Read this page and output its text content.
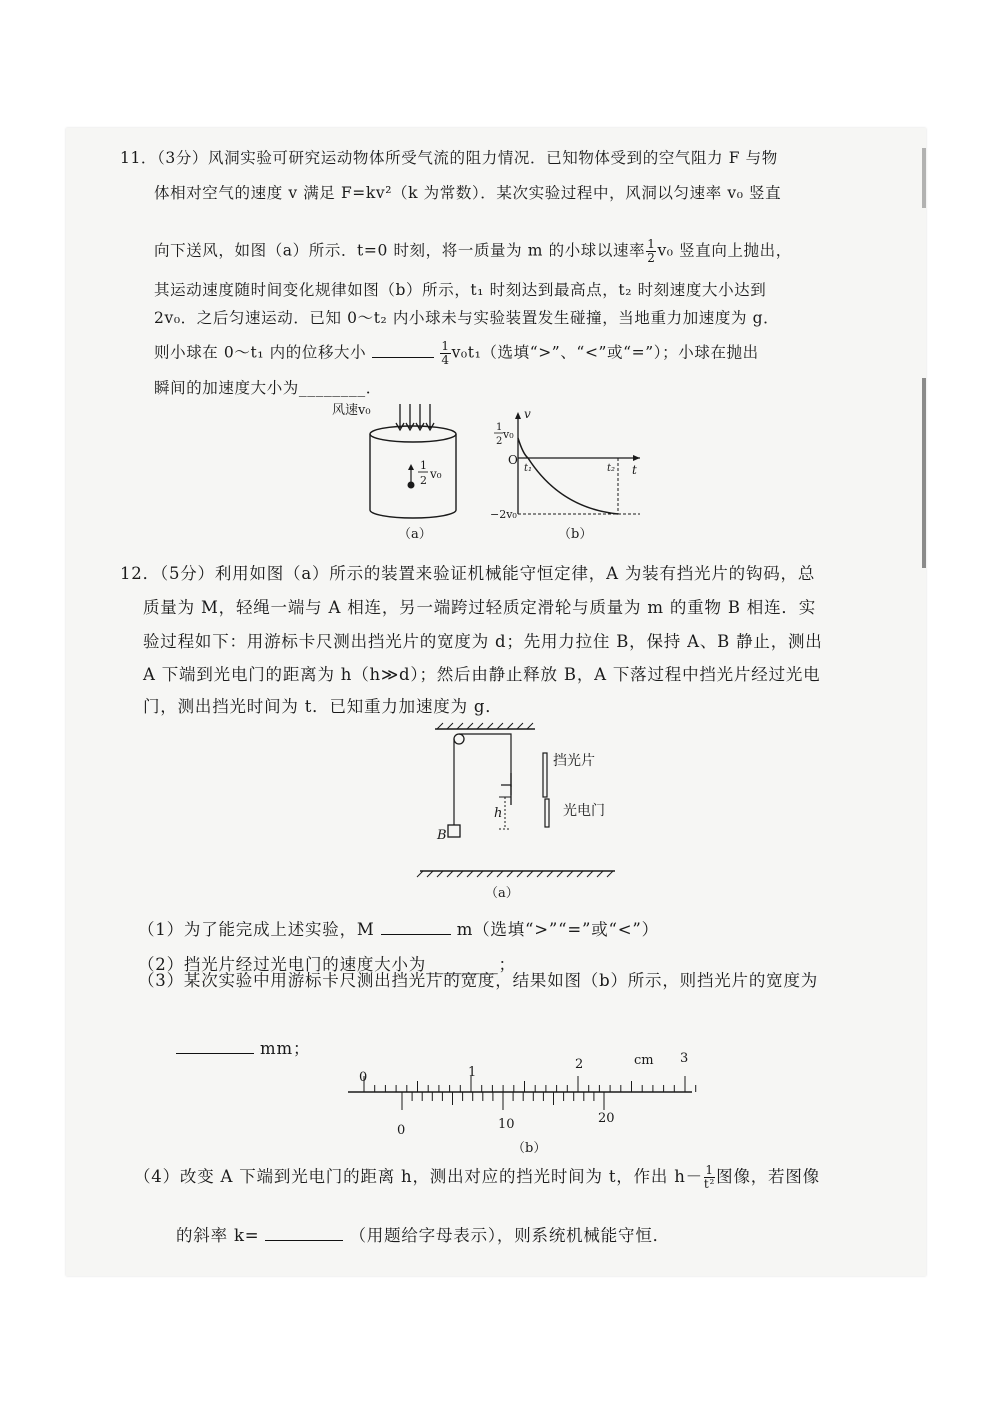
11．（3分）风洞实验可研究运动物体所受气流的阻力情况．已知物体受到的空气阻力 F 与物
体相对空气的速度 v 满足 F=kv²（k 为常数）．某次实验过程中，风洞以匀速率 v₀ 竖直
向下送风，如图（a）所示．t=0 时刻，将一质量为 m 的小球以速率 $\frac{1}{2} v_0$ 竖直向上抛出，
其运动速度随时间变化规律如图（b）所示，t₁ 时刻达到最高点，t₂ 时刻速度大小达到
2v₀．之后匀速运动．已知 0～t₂ 内小球未与实验装置发生碰撞，当地重力加速度为 g．
则小球在 0～t₁ 内的位移大小	$\frac{1}{4} v_0t_1$（选填“>”、“<”或“=”）；小球在抛出
瞬间的加速度大小为________．
风速v₀
1
2 v₀
（a）
v
t
O
1
2
v₀
−2v₀
t₁	t₂
（b）
12．（5分）利用如图（a）所示的装置来验证机械能守恒定律，A 为装有挡光片的钩码，总
质量为 M，轻绳一端与 A 相连，另一端跨过轻质定滑轮与质量为 m 的重物 B 相连．实
验过程如下：用游标卡尺测出挡光片的宽度为 d；先用力拉住 B，保持 A、B 静止，测出
A 下端到光电门的距离为 h（h≫d）；然后由静止释放 B，A 下落过程中挡光片经过光电
门，测出挡光时间为 t．已知重力加速度为 g．
B
h
挡光片
光电门
（a）
（1）为了能完成上述实验，M	m（选填“>”“=”或“<”）
（2）挡光片经过光电门的速度大小为________；
（3）某次实验中用游标卡尺测出挡光片的宽度，结果如图（b）所示，则挡光片的宽度为
mm；
0	1
2	cm 3
0	10	20
（b）
（4）改变 A 下端到光电门的距离 h，测出对应的挡光时间为 t，作出 $h- \frac{1}{\text{t²}}$ 图像，若图像
的斜率 k=	（用题给字母表示），则系统机械能守恒．
